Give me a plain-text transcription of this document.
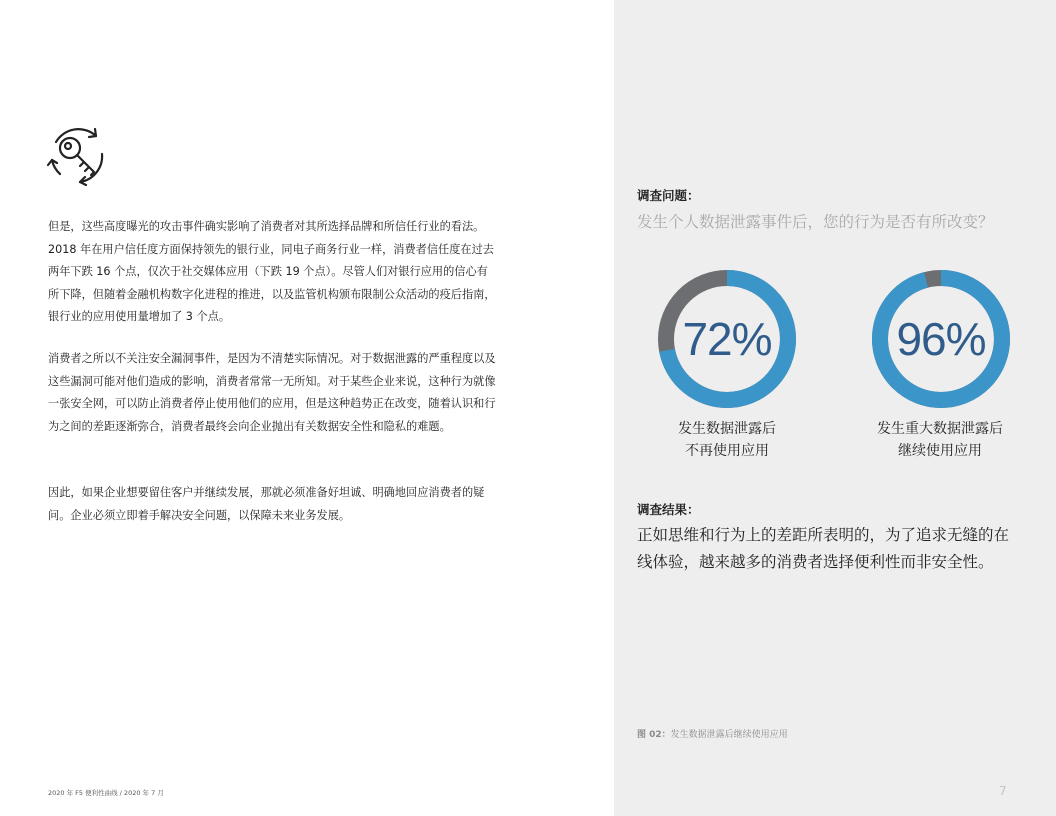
但是，这些高度曝光的攻击事件确实影响了消费者对其所选择品牌和所信任行业的看法。2018 年在用户信任度方面保持领先的银行业，同电子商务行业一样，消费者信任度在过去两年下跌 16 个点，仅次于社交媒体应用（下跌 19 个点）。尽管人们对银行应用的信心有所下降，但随着金融机构数字化进程的推进，以及监管机构颁布限制公众活动的疫后指南，银行业的应用使用量增加了 3 个点。

消费者之所以不关注安全漏洞事件，是因为不清楚实际情况。对于数据泄露的严重程度以及这些漏洞可能对他们造成的影响，消费者常常一无所知。对于某些企业来说，这种行为就像一张安全网，可以防止消费者停止使用他们的应用，但是这种趋势正在改变，随着认识和行为之间的差距逐渐弥合，消费者最终会向企业抛出有关数据安全性和隐私的难题。

因此，如果企业想要留住客户并继续发展，那就必须准备好坦诚、明确地回应消费者的疑问。企业必须立即着手解决安全问题，以保障未来业务发展。

2020 年 F5 便利性曲线 / 2020 年 7 月
调查问题：
发生个人数据泄露事件后，您的行为是否有所改变？
72%
发生数据泄露后
不再使用应用
96%
发生重大数据泄露后
继续使用应用
调查结果：
正如思维和行为上的差距所表明的，为了追求无缝的在线体验，越来越多的消费者选择便利性而非安全性。
图 02：发生数据泄露后继续使用应用
7
